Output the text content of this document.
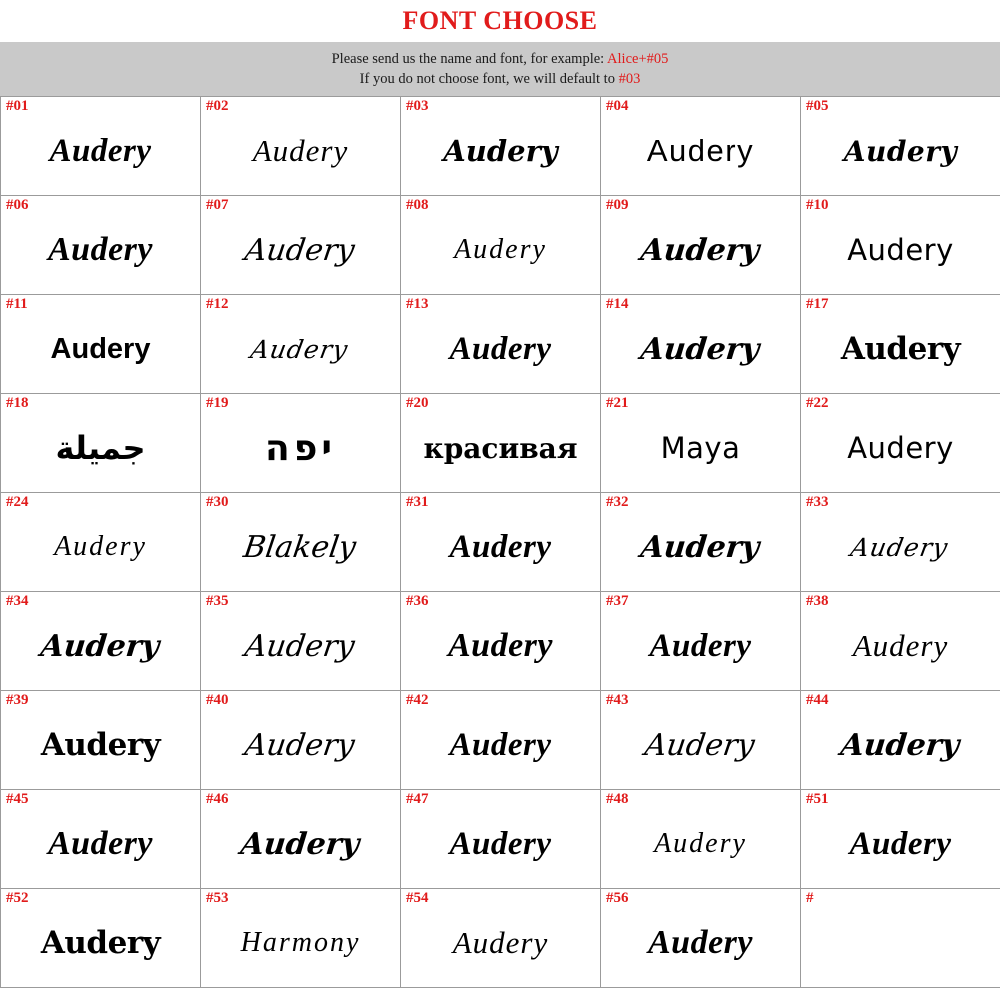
FONT CHOOSE
Please send us the name and font, for example: Alice+#05
If you do not choose font, we will default to #03
#01
Audery
#02
Audery
#03
Audery
#04
Audery
#05
Audery
#06
Audery
#07
Audery
#08
Audery
#09
Audery
#10
Audery
#11
Audery
#12
Audery
#13
Audery
#14
Audery
#17
Audery
#18
جميلة
#19
יפה
#20
красивая
#21
Maya
#22
Audery
#24
Audery
#30
Blakely
#31
Audery
#32
Audery
#33
Audery
#34
Audery
#35
Audery
#36
Audery
#37
Audery
#38
Audery
#39
Audery
#40
Audery
#42
Audery
#43
Audery
#44
Audery
#45
Audery
#46
Audery
#47
Audery
#48
Audery
#51
Audery
#52
Audery
#53
Harmony
#54
Audery
#56
Audery
#
